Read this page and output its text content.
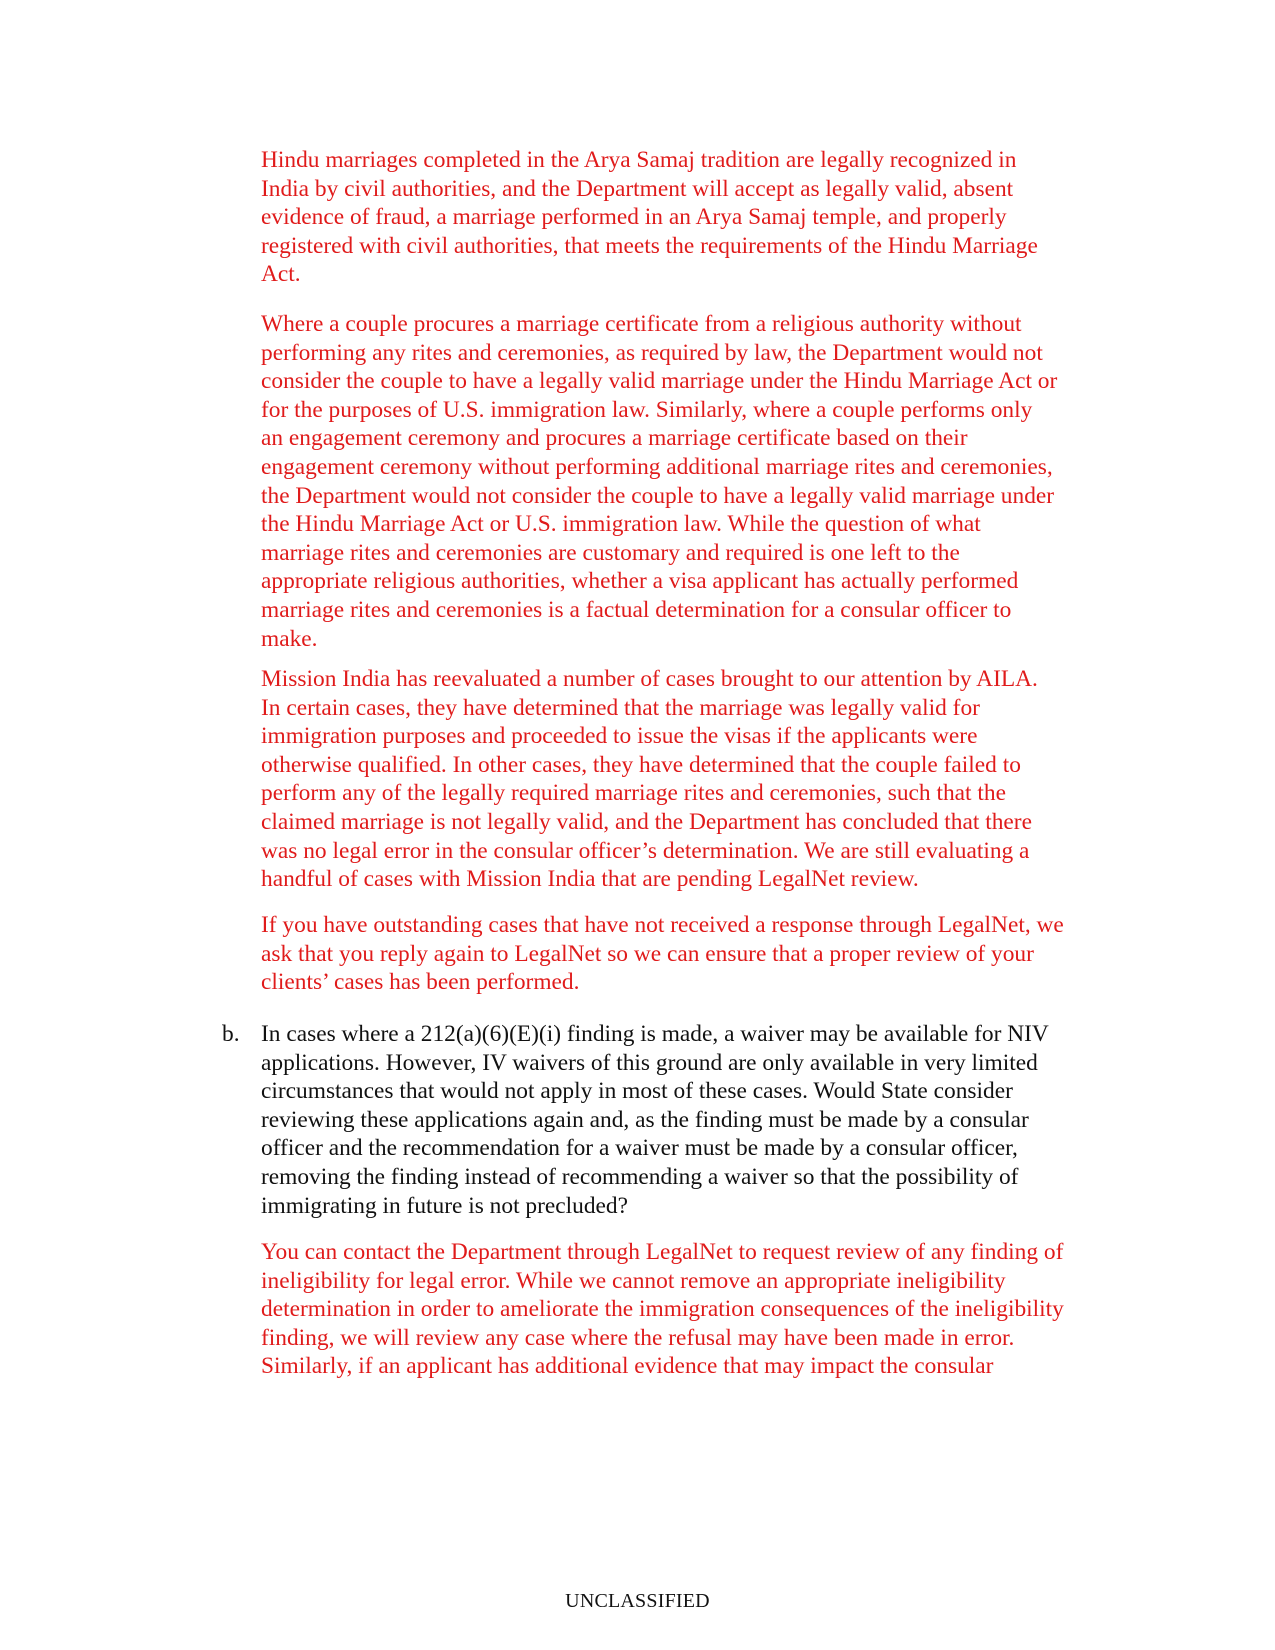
Hindu marriages completed in the Arya Samaj tradition are legally recognized in
India by civil authorities, and the Department will accept as legally valid, absent
evidence of fraud, a marriage performed in an Arya Samaj temple, and properly
registered with civil authorities, that meets the requirements of the Hindu Marriage
Act.

Where a couple procures a marriage certificate from a religious authority without
performing any rites and ceremonies, as required by law, the Department would not
consider the couple to have a legally valid marriage under the Hindu Marriage Act or
for the purposes of U.S. immigration law. Similarly, where a couple performs only
an engagement ceremony and procures a marriage certificate based on their
engagement ceremony without performing additional marriage rites and ceremonies,
the Department would not consider the couple to have a legally valid marriage under
the Hindu Marriage Act or U.S. immigration law. While the question of what
marriage rites and ceremonies are customary and required is one left to the
appropriate religious authorities, whether a visa applicant has actually performed
marriage rites and ceremonies is a factual determination for a consular officer to
make.

Mission India has reevaluated a number of cases brought to our attention by AILA.
In certain cases, they have determined that the marriage was legally valid for
immigration purposes and proceeded to issue the visas if the applicants were
otherwise qualified. In other cases, they have determined that the couple failed to
perform any of the legally required marriage rites and ceremonies, such that the
claimed marriage is not legally valid, and the Department has concluded that there
was no legal error in the consular officer’s determination. We are still evaluating a
handful of cases with Mission India that are pending LegalNet review.

If you have outstanding cases that have not received a response through LegalNet, we
ask that you reply again to LegalNet so we can ensure that a proper review of your
clients’ cases has been performed.

b. In cases where a 212(a)(6)(E)(i) finding is made, a waiver may be available for NIV
applications. However, IV waivers of this ground are only available in very limited
circumstances that would not apply in most of these cases. Would State consider
reviewing these applications again and, as the finding must be made by a consular
officer and the recommendation for a waiver must be made by a consular officer,
removing the finding instead of recommending a waiver so that the possibility of
immigrating in future is not precluded?

You can contact the Department through LegalNet to request review of any finding of
ineligibility for legal error. While we cannot remove an appropriate ineligibility
determination in order to ameliorate the immigration consequences of the ineligibility
finding, we will review any case where the refusal may have been made in error.
Similarly, if an applicant has additional evidence that may impact the consular

UNCLASSIFIED
